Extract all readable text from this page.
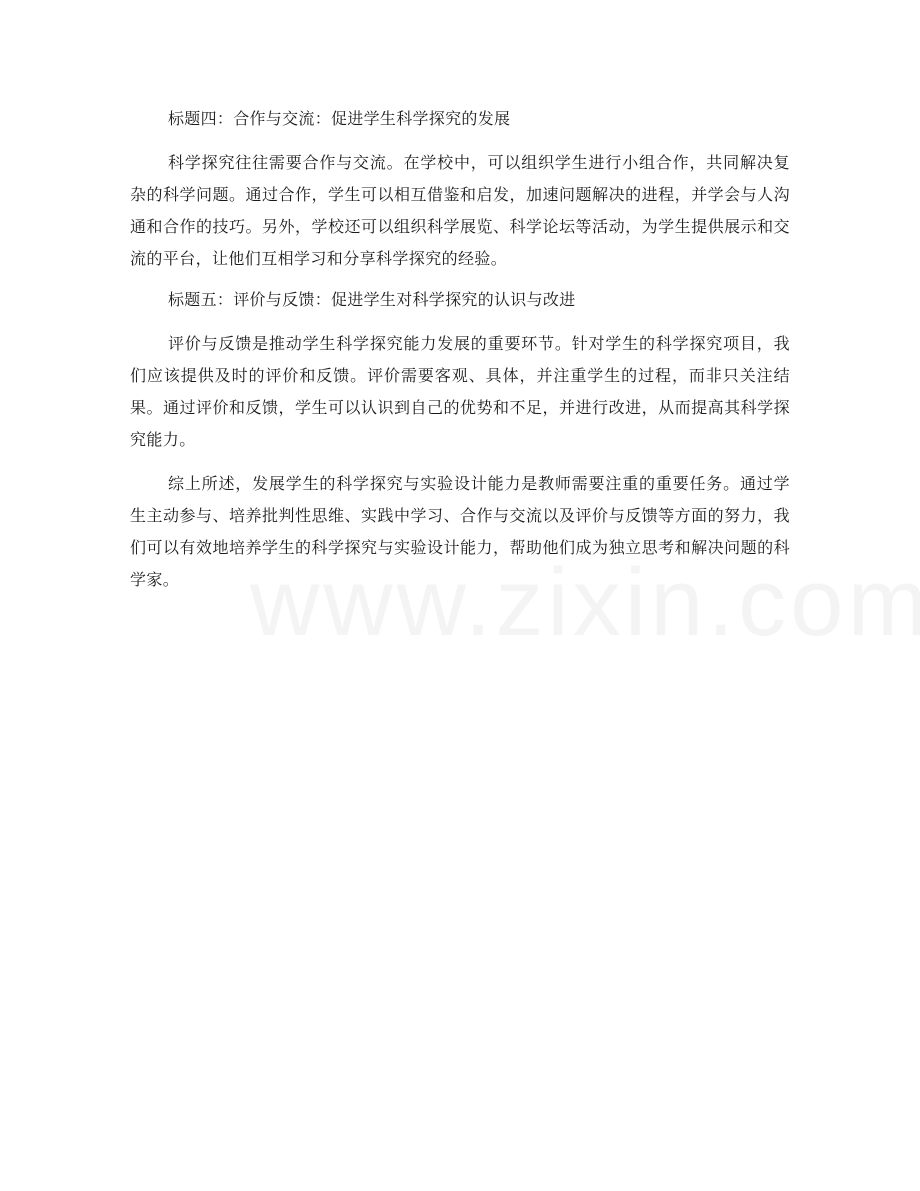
标题四：合作与交流：促进学生科学探究的发展

科学探究往往需要合作与交流。在学校中，可以组织学生进行小组合作，共同解决复杂的科学问题。通过合作，学生可以相互借鉴和启发，加速问题解决的进程，并学会与人沟通和合作的技巧。另外，学校还可以组织科学展览、科学论坛等活动，为学生提供展示和交流的平台，让他们互相学习和分享科学探究的经验。

标题五：评价与反馈：促进学生对科学探究的认识与改进

评价与反馈是推动学生科学探究能力发展的重要环节。针对学生的科学探究项目，我们应该提供及时的评价和反馈。评价需要客观、具体，并注重学生的过程，而非只关注结果。通过评价和反馈，学生可以认识到自己的优势和不足，并进行改进，从而提高其科学探究能力。

综上所述，发展学生的科学探究与实验设计能力是教师需要注重的重要任务。通过学生主动参与、培养批判性思维、实践中学习、合作与交流以及评价与反馈等方面的努力，我们可以有效地培养学生的科学探究与实验设计能力，帮助他们成为独立思考和解决问题的科学家。
